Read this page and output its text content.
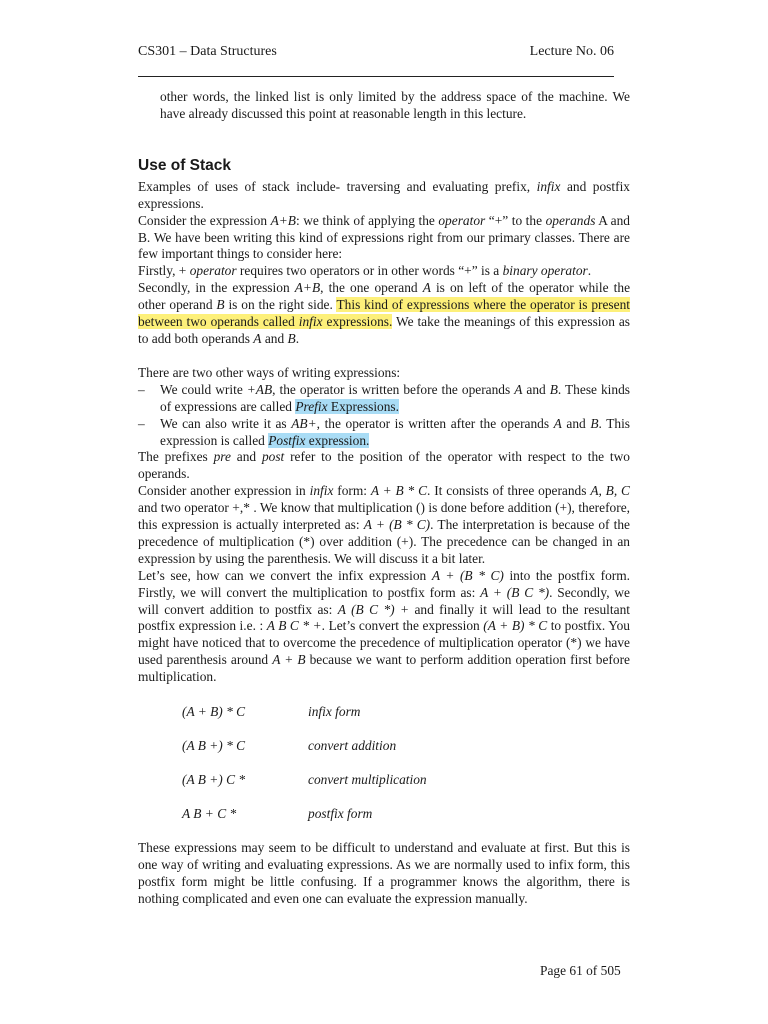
CS301 – Data Structures	Lecture No. 06

other words, the linked list is only limited by the address space of the machine. We have already discussed this point at reasonable length in this lecture.

Use of Stack

Examples of uses of stack include- traversing and evaluating prefix, infix and postfix expressions.

Consider the expression A+B: we think of applying the operator “+” to the operands A and B. We have been writing this kind of expressions right from our primary classes. There are few important things to consider here:

Firstly, + operator requires two operators or in other words “+” is a binary operator.

Secondly, in the expression A+B, the one operand A is on left of the operator while the other operand B is on the right side. This kind of expressions where the operator is present between two operands called infix expressions. We take the meanings of this expression as to add both operands A and B.

There are two other ways of writing expressions:

–	We could write +AB, the operator is written before the operands A and B. These kinds of expressions are called Prefix Expressions.
–	We can also write it as AB+, the operator is written after the operands A and B. This expression is called Postfix expression.

The prefixes pre and post refer to the position of the operator with respect to the two operands.

Consider another expression in infix form: A + B * C. It consists of three operands A, B, C and two operator +,* . We know that multiplication () is done before addition (+), therefore, this expression is actually interpreted as: A + (B * C). The interpretation is because of the precedence of multiplication (*) over addition (+). The precedence can be changed in an expression by using the parenthesis. We will discuss it a bit later.

Let’s see, how can we convert the infix expression A + (B * C) into the postfix form. Firstly, we will convert the multiplication to postfix form as: A + (B C *). Secondly, we will convert addition to postfix as: A (B C *) + and finally it will lead to the resultant postfix expression i.e. : A B C * +. Let’s convert the expression (A + B) * C to postfix. You might have noticed that to overcome the precedence of multiplication operator (*) we have used parenthesis around A + B because we want to perform addition operation first before multiplication.

(A + B) * C	infix form
(A B +) * C	convert addition
(A B +) C *	convert multiplication
A B + C *	postfix form

These expressions may seem to be difficult to understand and evaluate at first. But this is one way of writing and evaluating expressions. As we are normally used to infix form, this postfix form might be little confusing. If a programmer knows the algorithm, there is nothing complicated and even one can evaluate the expression manually.

Page 61 of 505
